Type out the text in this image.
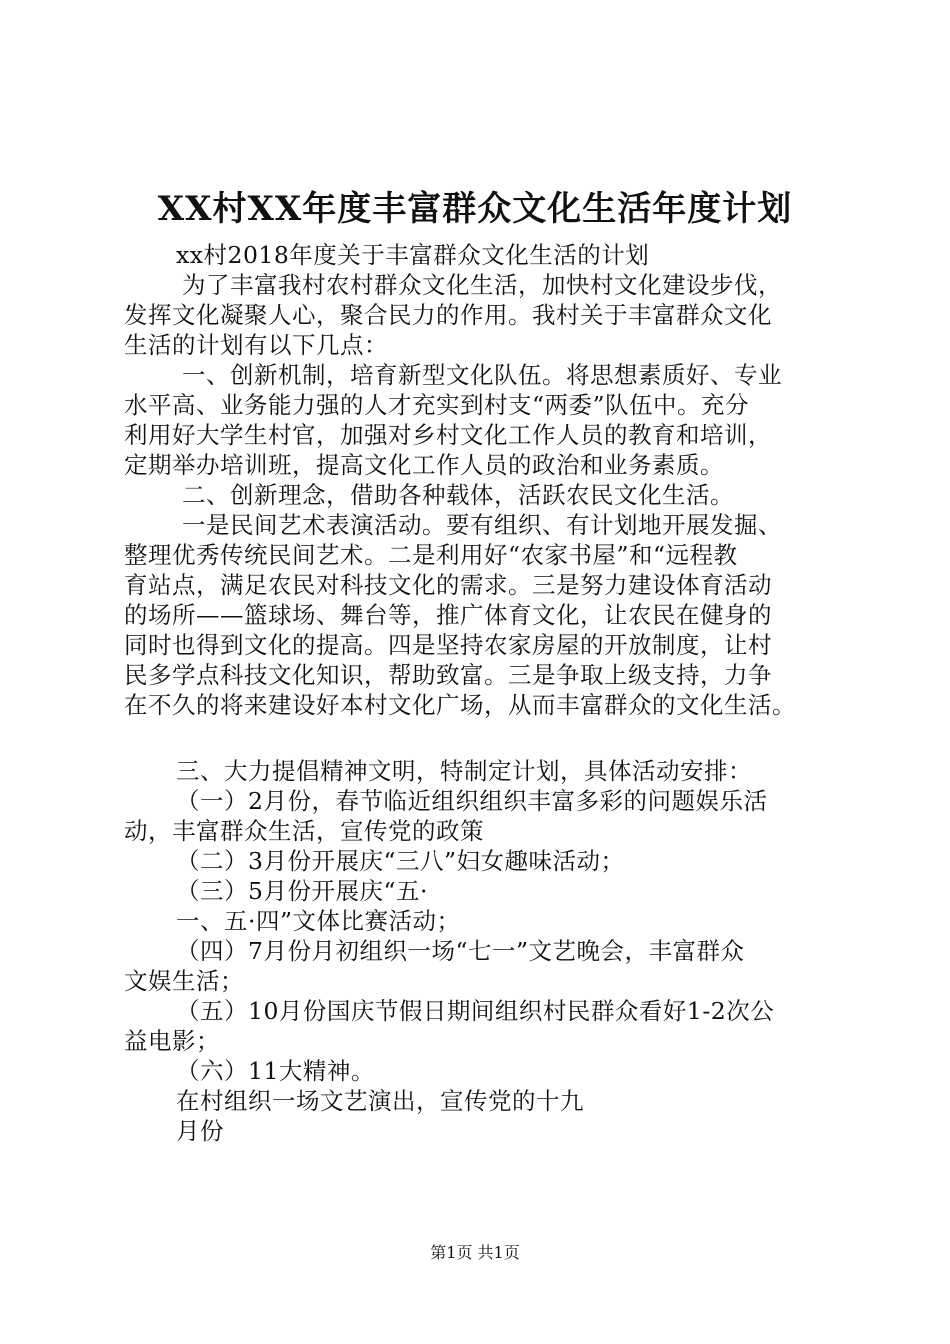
XX村XX年度丰富群众文化生活年度计划
xx村2018年度关于丰富群众文化生活的计划
为了丰富我村农村群众文化生活，加快村文化建设步伐，
发挥文化凝聚人心，聚合民力的作用。我村关于丰富群众文化
生活的计划有以下几点：
一、创新机制，培育新型文化队伍。将思想素质好、专业
水平高、业务能力强的人才充实到村支“两委”队伍中。充分
利用好大学生村官，加强对乡村文化工作人员的教育和培训，
定期举办培训班，提高文化工作人员的政治和业务素质。
二、创新理念，借助各种载体，活跃农民文化生活。
一是民间艺术表演活动。要有组织、有计划地开展发掘、
整理优秀传统民间艺术。二是利用好“农家书屋”和“远程教
育站点，满足农民对科技文化的需求。三是努力建设体育活动
的场所——篮球场、舞台等，推广体育文化，让农民在健身的
同时也得到文化的提高。四是坚持农家房屋的开放制度，让村
民多学点科技文化知识，帮助致富。三是争取上级支持，力争
在不久的将来建设好本村文化广场，从而丰富群众的文化生活。
三、大力提倡精神文明，特制定计划，具体活动安排：
（一）2月份，春节临近组织组织丰富多彩的问题娱乐活
动，丰富群众生活，宣传党的政策
（二）3月份开展庆“三八”妇女趣味活动；
（三）5月份开展庆“五·
一、五·四”文体比赛活动；
（四）7月份月初组织一场“七一”文艺晚会，丰富群众
文娱生活；
（五）10月份国庆节假日期间组织村民群众看好1-2次公
益电影；
（六）11大精神。
在村组织一场文艺演出，宣传党的十九
月份
第1页 共1页
